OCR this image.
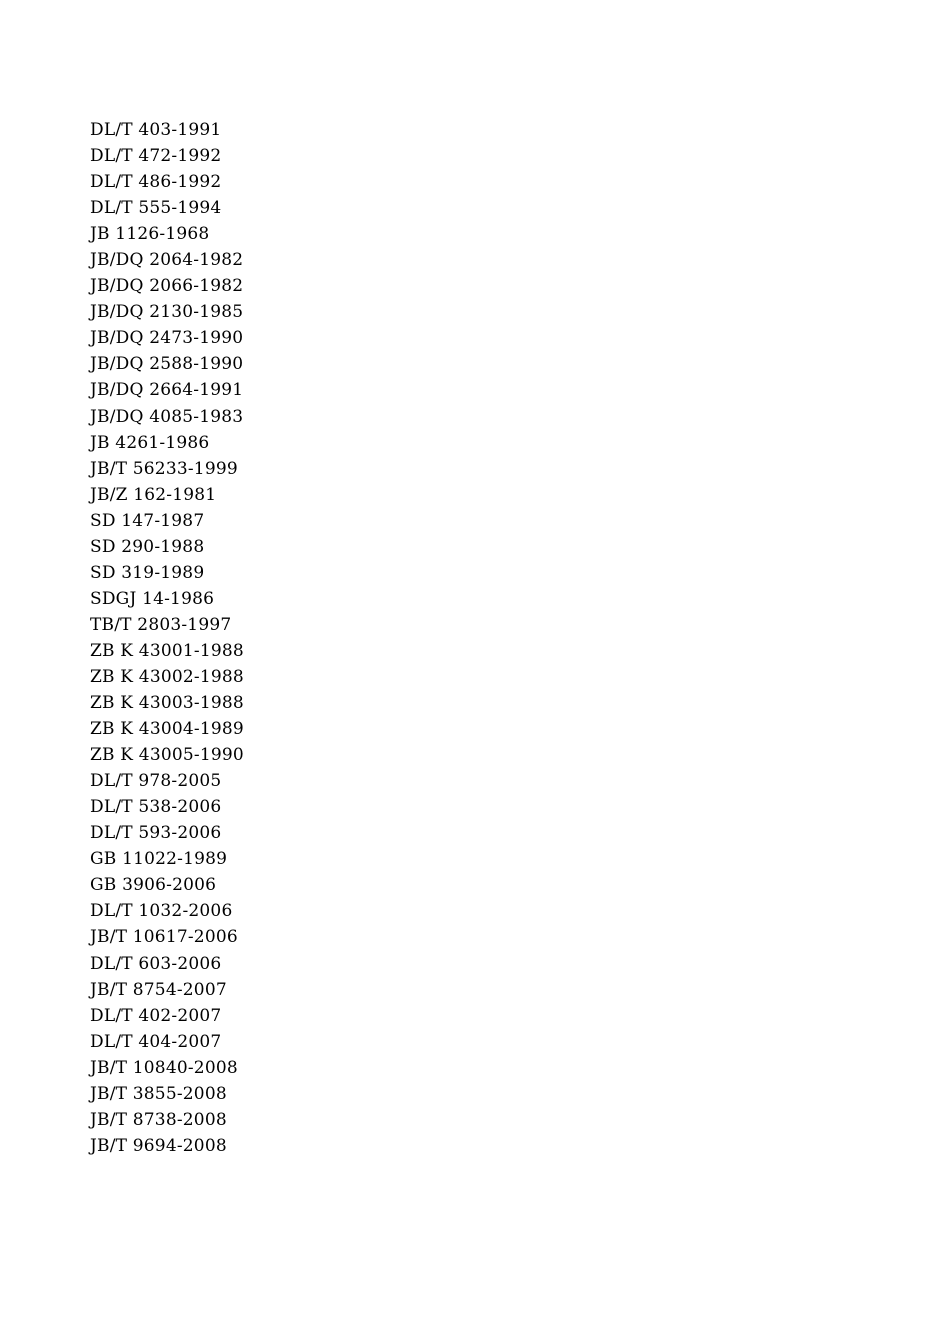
DL/T 403-1991
DL/T 472-1992
DL/T 486-1992
DL/T 555-1994
JB 1126-1968
JB/DQ 2064-1982
JB/DQ 2066-1982
JB/DQ 2130-1985
JB/DQ 2473-1990
JB/DQ 2588-1990
JB/DQ 2664-1991
JB/DQ 4085-1983
JB 4261-1986
JB/T 56233-1999
JB/Z 162-1981
SD 147-1987
SD 290-1988
SD 319-1989
SDGJ 14-1986
TB/T 2803-1997
ZB K 43001-1988
ZB K 43002-1988
ZB K 43003-1988
ZB K 43004-1989
ZB K 43005-1990
DL/T 978-2005
DL/T 538-2006
DL/T 593-2006
GB 11022-1989
GB 3906-2006
DL/T 1032-2006
JB/T 10617-2006
DL/T 603-2006
JB/T 8754-2007
DL/T 402-2007
DL/T 404-2007
JB/T 10840-2008
JB/T 3855-2008
JB/T 8738-2008
JB/T 9694-2008
